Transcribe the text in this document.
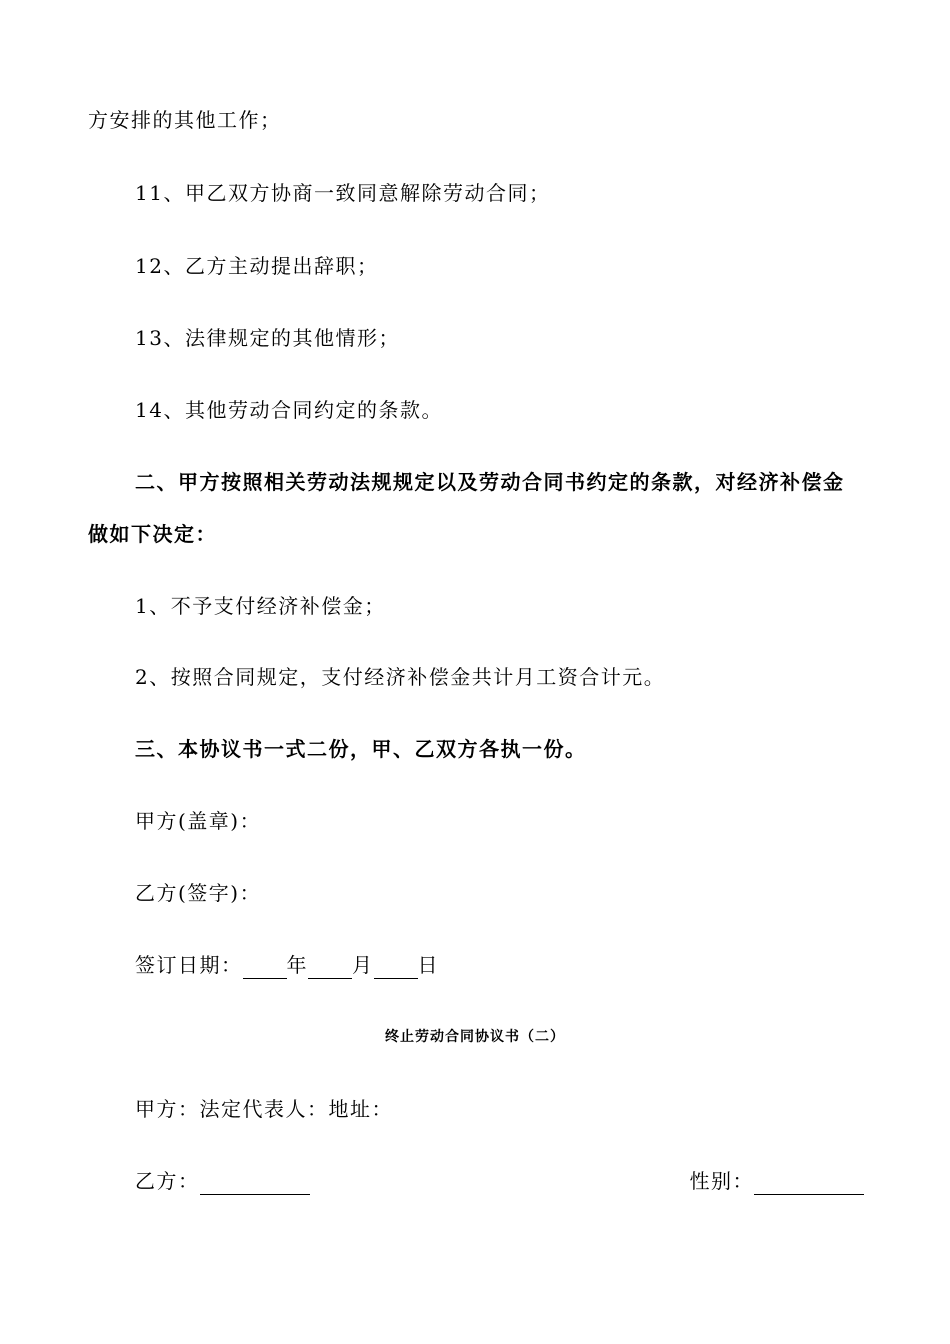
方安排的其他工作；
11、甲乙双方协商一致同意解除劳动合同；
12、乙方主动提出辞职；
13、法律规定的其他情形；
14、其他劳动合同约定的条款。
二、甲方按照相关劳动法规规定以及劳动合同书约定的条款，对经济补偿金
做如下决定：
1、不予支付经济补偿金；
2、按照合同规定，支付经济补偿金共计月工资合计元。
三、本协议书一式二份，甲、乙双方各执一份。
甲方(盖章)：
乙方(签字)：
签订日期： 年 月 日
终止劳动合同协议书（二）
甲方：法定代表人：地址：
乙方：	性别：
